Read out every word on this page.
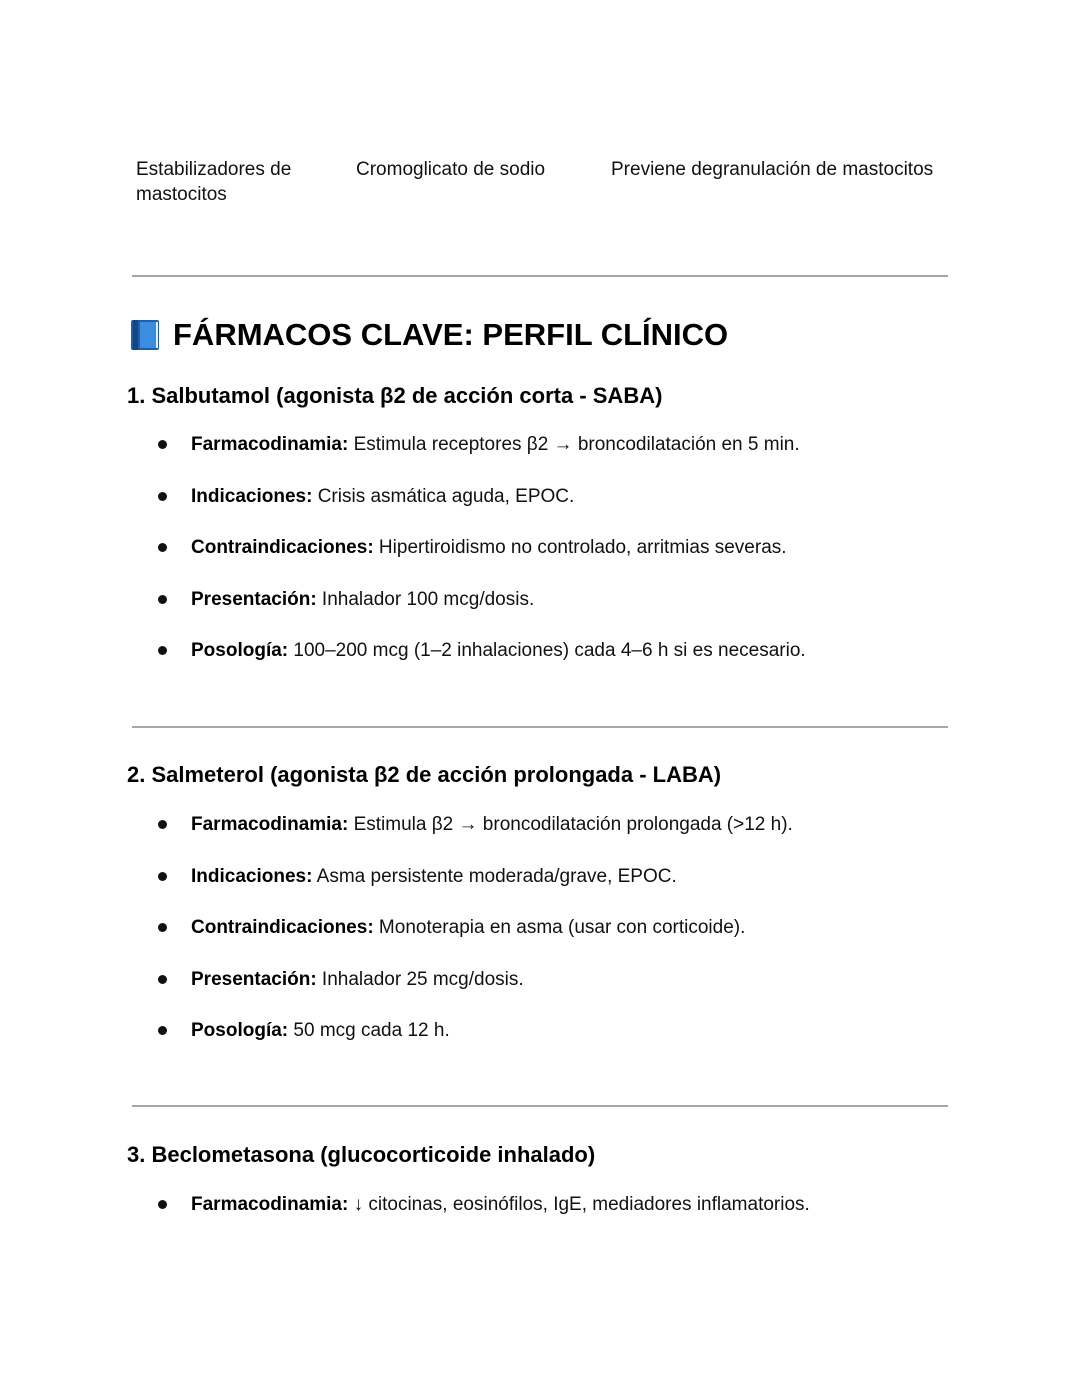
Estabilizadores de mastocitos
Cromoglicato de sodio	Previene degranulación de mastocitos
FÁRMACOS CLAVE: PERFIL CLÍNICO
1. Salbutamol (agonista β2 de acción corta - SABA)
Farmacodinamia: Estimula receptores β2 → broncodilatación en 5 min.
Indicaciones: Crisis asmática aguda, EPOC.
Contraindicaciones: Hipertiroidismo no controlado, arritmias severas.
Presentación: Inhalador 100 mcg/dosis.
Posología: 100–200 mcg (1–2 inhalaciones) cada 4–6 h si es necesario.
2. Salmeterol (agonista β2 de acción prolongada - LABA)
Farmacodinamia: Estimula β2 → broncodilatación prolongada (>12 h).
Indicaciones: Asma persistente moderada/grave, EPOC.
Contraindicaciones: Monoterapia en asma (usar con corticoide).
Presentación: Inhalador 25 mcg/dosis.
Posología: 50 mcg cada 12 h.
3. Beclometasona (glucocorticoide inhalado)
Farmacodinamia: ↓ citocinas, eosinófilos, IgE, mediadores inflamatorios.
